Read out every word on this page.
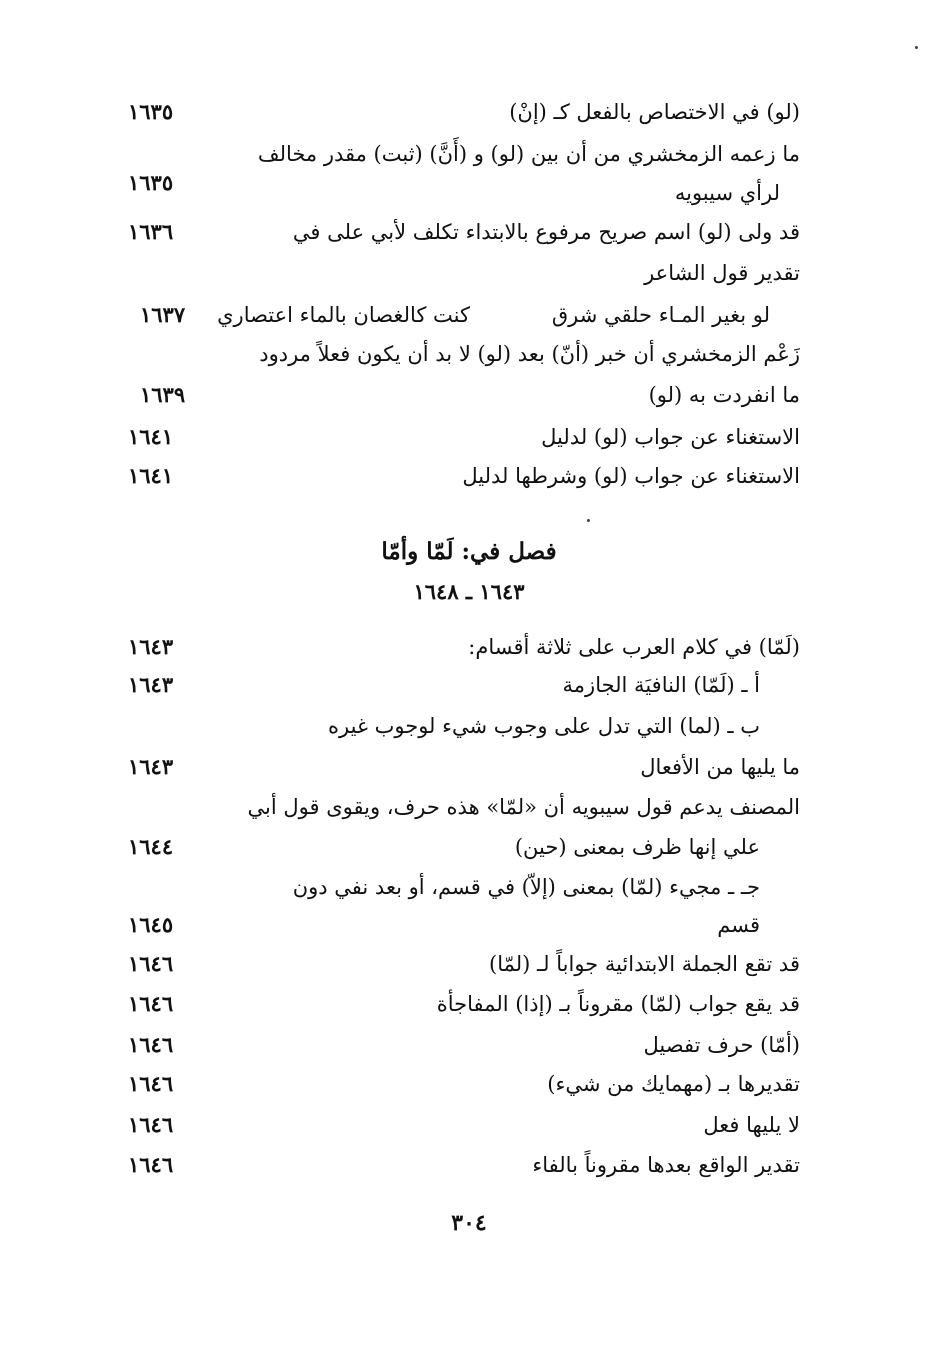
(لو) في الاختصاص بالفعل كـ (إنْ)
١٦٣٥
ما زعمه الزمخشري من أن بين (لو) و (أَنَّ) (ثبت) مقدر مخالف
١٦٣٥	لرأي سيبويه
قد ولى (لو) اسم صريح مرفوع بالابتداء تكلف لأبي على في
١٦٣٦
تقدير قول الشاعر
لو بغير المـاء حلقي شرق
كنت كالغصان بالماء اعتصاري
١٦٣٧
زَعْم الزمخشري أن خبر (أنّ) بعد (لو) لا بد أن يكون فعلاً مردود
ما انفردت به (لو)
١٦٣٩
الاستغناء عن جواب (لو) لدليل
١٦٤١
الاستغناء عن جواب (لو) وشرطها لدليل
١٦٤١
فصل في: لَمّا وأمّا
١٦٤٣ ـ ١٦٤٨
(لَمّا) في كلام العرب على ثلاثة أقسام:
١٦٤٣
أ ـ (لَمّا) النافيَة الجازمة
١٦٤٣
ب ـ (لما) التي تدل على وجوب شيء لوجوب غيره
ما يليها من الأفعال
١٦٤٣
المصنف يدعم قول سيبويه أن «لمّا» هذه حرف، ويقوى قول أبي
علي إنها ظرف بمعنى (حين)
١٦٤٤
جـ ـ مجيء (لمّا) بمعنى (إلاّ) في قسم، أو بعد نفي دون
قسم
١٦٤٥
قد تقع الجملة الابتدائية جواباً لـ (لمّا)
١٦٤٦
قد يقع جواب (لمّا) مقروناً بـ (إذا) المفاجأة
١٦٤٦
(أمّا) حرف تفصيل
١٦٤٦
تقديرها بـ (مهمايك من شيء)
١٦٤٦
لا يليها فعل
١٦٤٦
تقدير الواقع بعدها مقروناً بالفاء
١٦٤٦
٣٠٤
